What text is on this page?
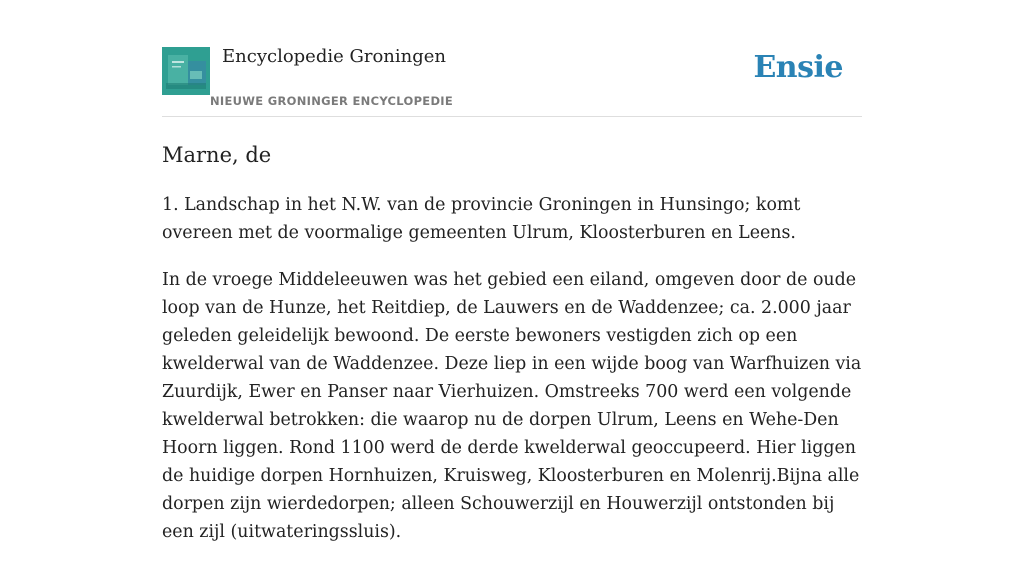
Encyclopedie Groningen
NIEUWE GRONINGER ENCYCLOPEDIE
Ensie
Marne, de

1. Landschap in het N.W. van de provincie Groningen in Hunsingo; komt overeen met de voormalige gemeenten Ulrum, Kloosterburen en Leens.

In de vroege Middeleeuwen was het gebied een eiland, omgeven door de oude loop van de Hunze, het Reitdiep, de Lauwers en de Waddenzee; ca. 2.000 jaar geleden geleidelijk bewoond. De eerste bewoners vestigden zich op een kwelderwal van de Waddenzee. Deze liep in een wijde boog van Warfhuizen via Zuurdijk, Ewer en Panser naar Vierhuizen. Omstreeks 700 werd een volgende kwelderwal betrokken: die waarop nu de dorpen Ulrum, Leens en Wehe-Den Hoorn liggen. Rond 1100 werd de derde kwelderwal geoccupeerd. Hier liggen de huidige dorpen Hornhuizen, Kruisweg, Kloosterburen en Molenrij.Bijna alle dorpen zijn wierdedorpen; alleen Schouwerzijl en Houwerzijl ontstonden bij een zijl (uitwateringssluis).
